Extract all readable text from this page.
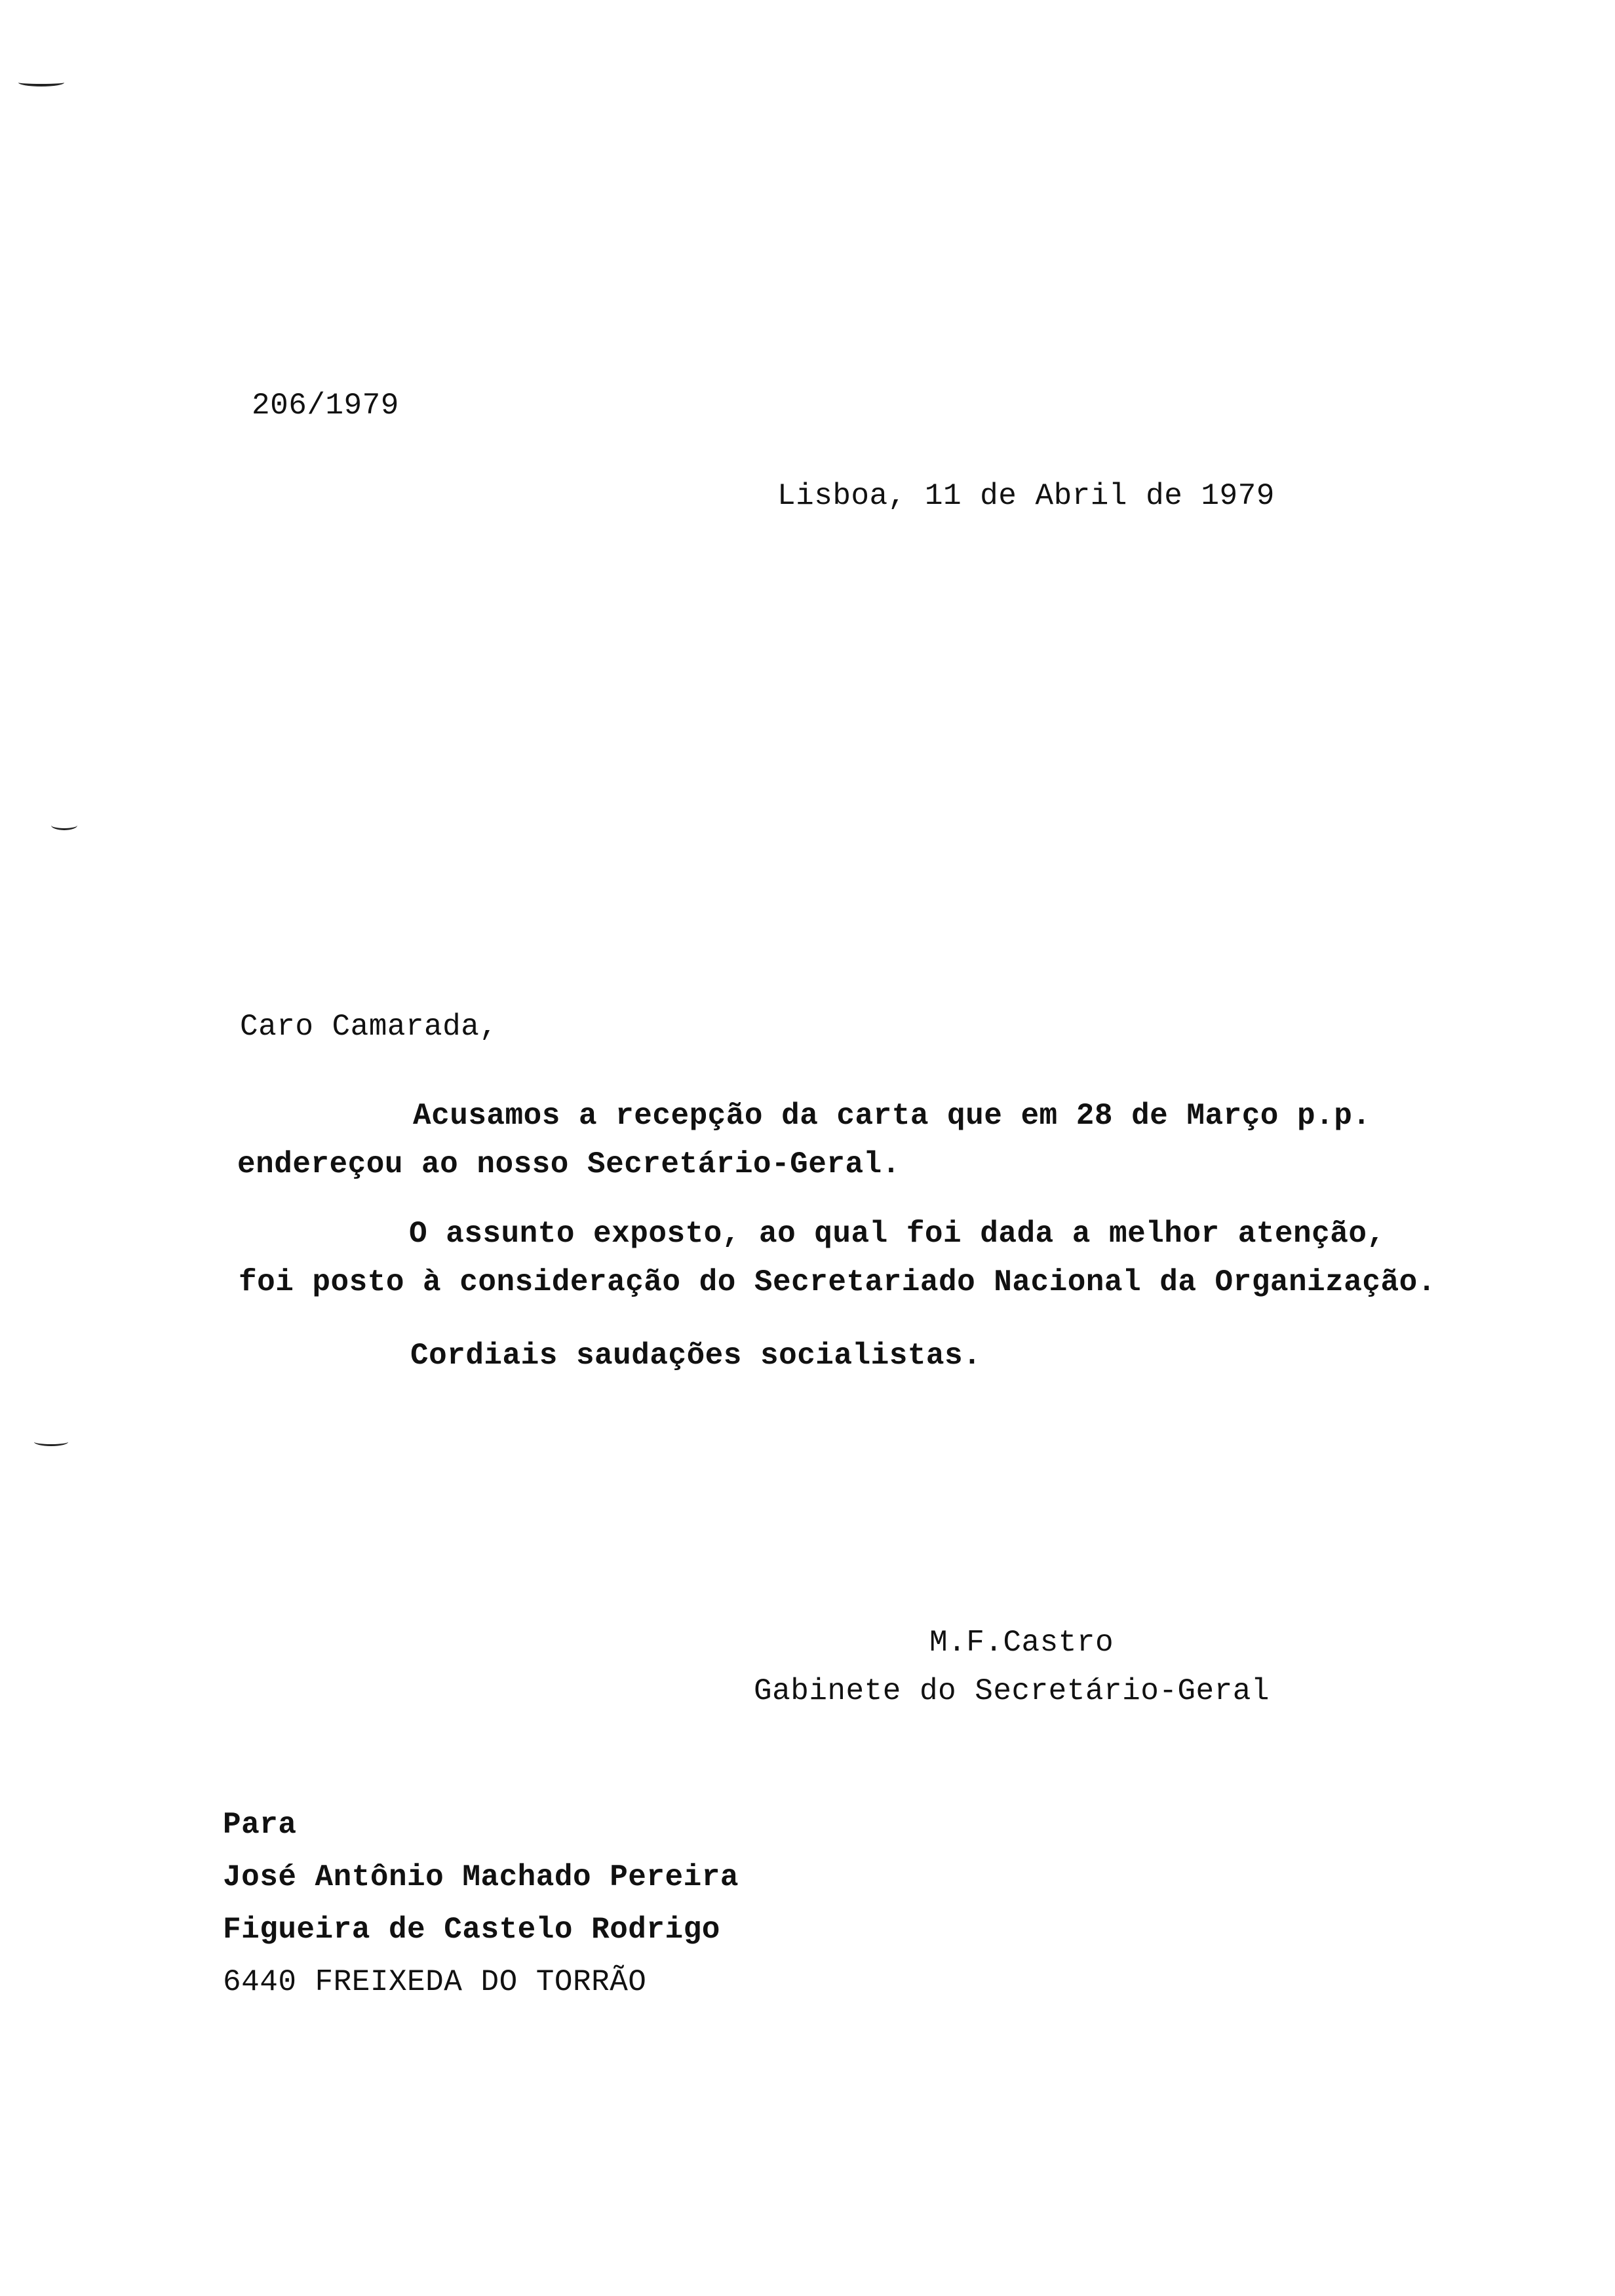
206/1979
Lisboa, 11 de Abril de 1979
Caro Camarada,
Acusamos a recepção da carta que em 28 de Março p.p.
endereçou ao nosso Secretário-Geral.
O assunto exposto, ao qual foi dada a melhor atenção,
foi posto à consideração do Secretariado Nacional da Organização.
Cordiais saudações socialistas.
M.F.Castro
Gabinete do Secretário-Geral
Para
José Antônio Machado Pereira
Figueira de Castelo Rodrigo
6440 FREIXEDA DO TORRÃO
